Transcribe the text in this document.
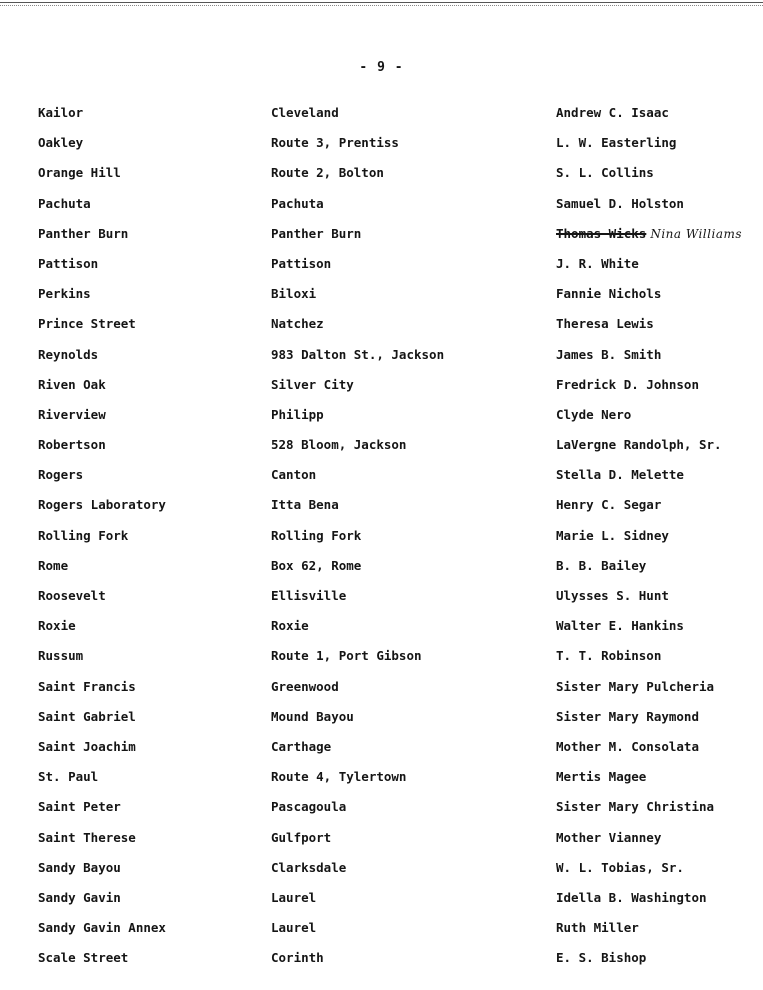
- 9 -
Kailor	Cleveland	Andrew C. Isaac
Oakley	Route 3, Prentiss	L. W. Easterling
Orange Hill	Route 2, Bolton	S. L. Collins
Pachuta	Pachuta	Samuel D. Holston
Panther Burn	Panther Burn	Thomas Wicks Nina Williams
Pattison	Pattison	J. R. White
Perkins	Biloxi	Fannie Nichols
Prince Street	Natchez	Theresa Lewis
Reynolds	983 Dalton St., Jackson	James B. Smith
Riven Oak	Silver City	Fredrick D. Johnson
Riverview	Philipp	Clyde Nero
Robertson	528 Bloom, Jackson	LaVergne Randolph, Sr.
Rogers	Canton	Stella D. Melette
Rogers Laboratory	Itta Bena	Henry C. Segar
Rolling Fork	Rolling Fork	Marie L. Sidney
Rome	Box 62, Rome	B. B. Bailey
Roosevelt	Ellisville	Ulysses S. Hunt
Roxie	Roxie	Walter E. Hankins
Russum	Route 1, Port Gibson	T. T. Robinson
Saint Francis	Greenwood	Sister Mary Pulcheria
Saint Gabriel	Mound Bayou	Sister Mary Raymond
Saint Joachim	Carthage	Mother M. Consolata
St. Paul	Route 4, Tylertown	Mertis Magee
Saint Peter	Pascagoula	Sister Mary Christina
Saint Therese	Gulfport	Mother Vianney
Sandy Bayou	Clarksdale	W. L. Tobias, Sr.
Sandy Gavin	Laurel	Idella B. Washington
Sandy Gavin Annex	Laurel	Ruth Miller
Scale Street	Corinth	E. S. Bishop
